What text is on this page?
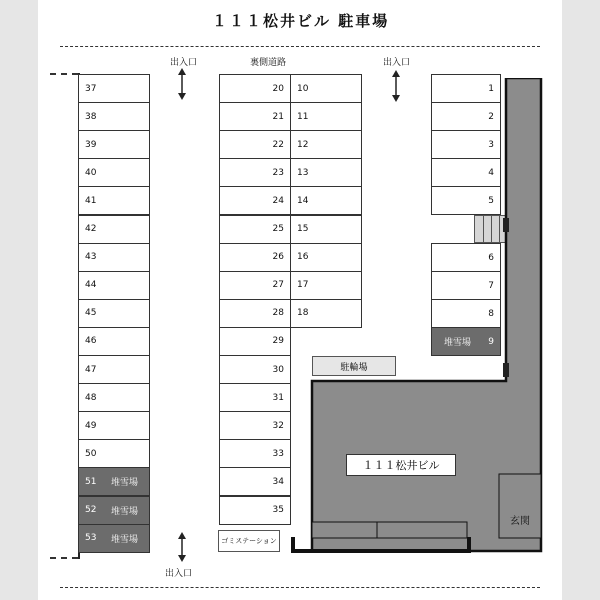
１１１松井ビル 駐車場
出入口	出入口
出入口
裏側道路
１１１松井ビル
玄関
駐輪場
ゴミステーション
37
38
39
40
41
42
43
44
45
46
47
48
49
50
51 堆雪場
52 堆雪場
53 堆雪場
20
21
22
23
24
25
26
27
28
29
30
31
32
33
34
35
10
11
12
13
14
15
16
17
18
1
2
3
4
5
6
7
8
9
堆雪場
